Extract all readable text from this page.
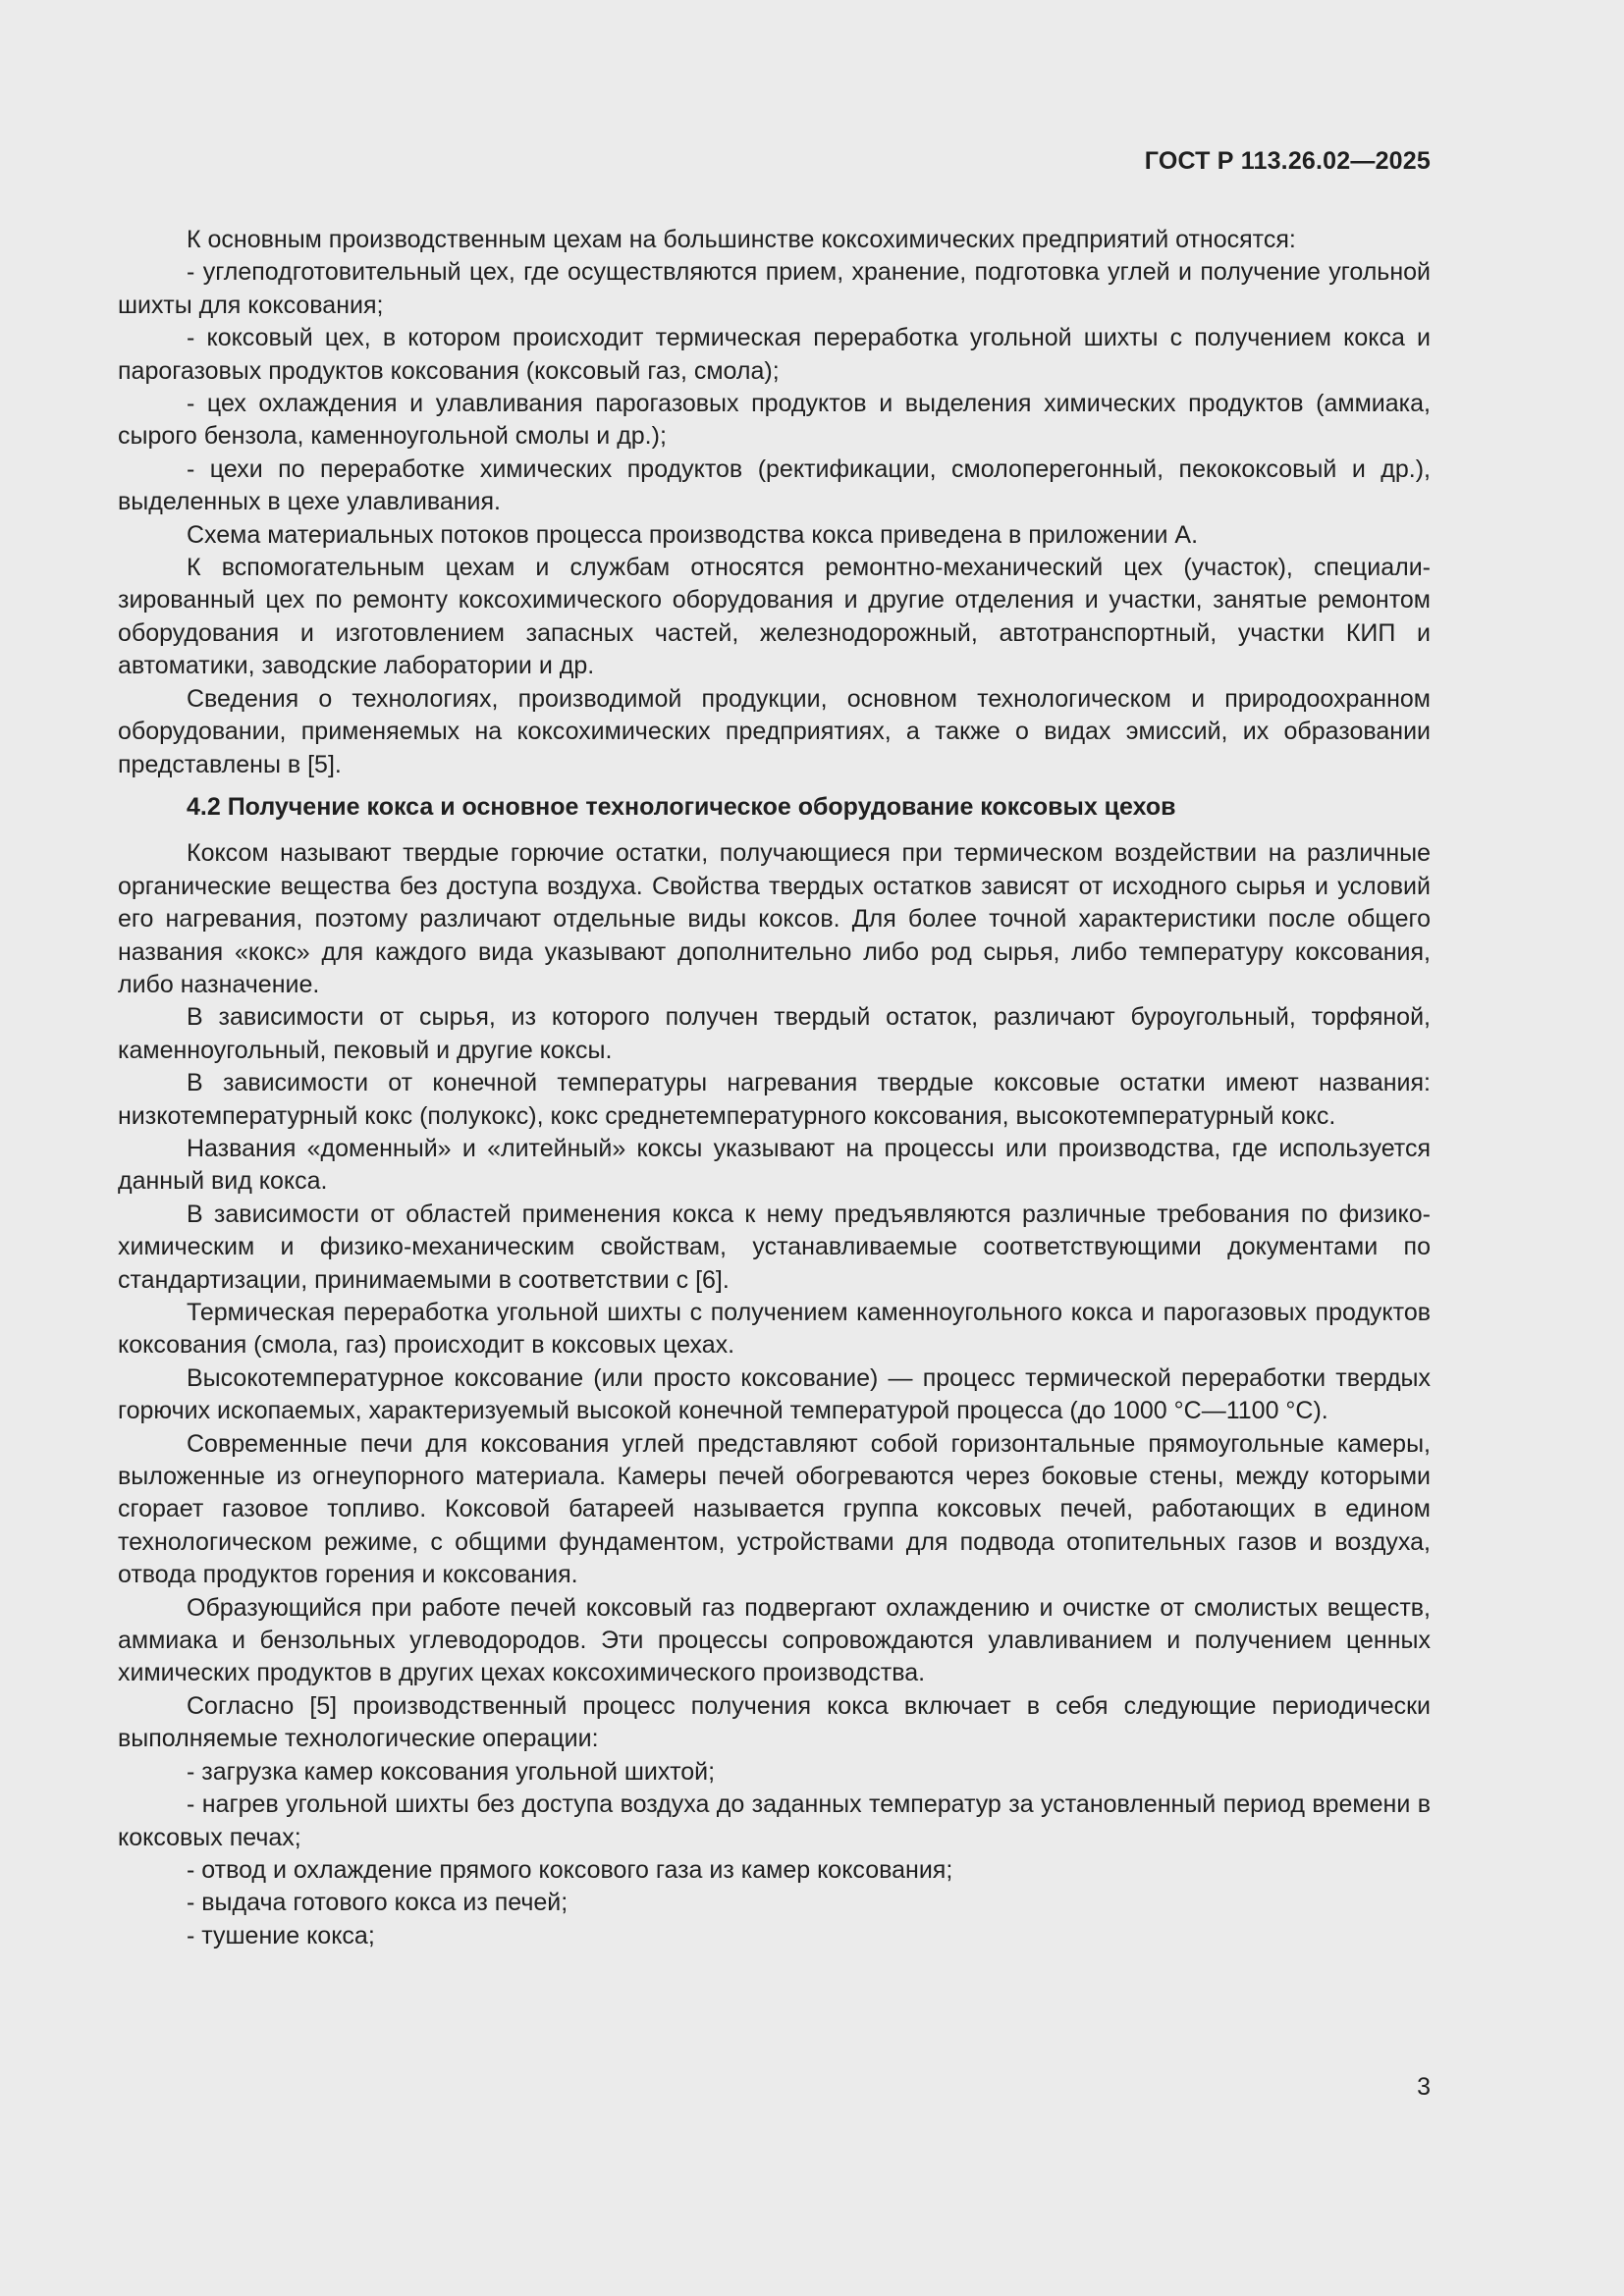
ГОСТ Р 113.26.02—2025

К основным производственным цехам на большинстве коксохимических предприятий относятся:

- углеподготовительный цех, где осуществляются прием, хранение, подготовка углей и получение угольной шихты для коксования;

- коксовый цех, в котором происходит термическая переработка угольной шихты с получением кокса и парогазовых продуктов коксования (коксовый газ, смола);

- цех охлаждения и улавливания парогазовых продуктов и выделения химических продуктов (аммиака, сырого бензола, каменноугольной смолы и др.);

- цехи по переработке химических продуктов (ректификации, смолоперегонный, пекококсовый и др.), выделенных в цехе улавливания.

Схема материальных потоков процесса производства кокса приведена в приложении А.

К вспомогательным цехам и службам относятся ремонтно-механический цех (участок), специализированный цех по ремонту коксохимического оборудования и другие отделения и участки, занятые ремонтом оборудования и изготовлением запасных частей, железнодорожный, автотранспортный, участки КИП и автоматики, заводские лаборатории и др.

Сведения о технологиях, производимой продукции, основном технологическом и природоохранном оборудовании, применяемых на коксохимических предприятиях, а также о видах эмиссий, их образовании представлены в [5].

4.2 Получение кокса и основное технологическое оборудование коксовых цехов

Коксом называют твердые горючие остатки, получающиеся при термическом воздействии на различные органические вещества без доступа воздуха. Свойства твердых остатков зависят от исходного сырья и условий его нагревания, поэтому различают отдельные виды коксов. Для более точной характеристики после общего названия «кокс» для каждого вида указывают дополнительно либо род сырья, либо температуру коксования, либо назначение.

В зависимости от сырья, из которого получен твердый остаток, различают буроугольный, торфяной, каменноугольный, пековый и другие коксы.

В зависимости от конечной температуры нагревания твердые коксовые остатки имеют названия: низкотемпературный кокс (полукокс), кокс среднетемпературного коксования, высокотемпературный кокс.

Названия «доменный» и «литейный» коксы указывают на процессы или производства, где используется данный вид кокса.

В зависимости от областей применения кокса к нему предъявляются различные требования по физико-химическим и физико-механическим свойствам, устанавливаемые соответствующими документами по стандартизации, принимаемыми в соответствии с [6].

Термическая переработка угольной шихты с получением каменноугольного кокса и парогазовых продуктов коксования (смола, газ) происходит в коксовых цехах.

Высокотемпературное коксование (или просто коксование) — процесс термической переработки твердых горючих ископаемых, характеризуемый высокой конечной температурой процесса (до 1000 °С—1100 °С).

Современные печи для коксования углей представляют собой горизонтальные прямоугольные камеры, выложенные из огнеупорного материала. Камеры печей обогреваются через боковые стены, между которыми сгорает газовое топливо. Коксовой батареей называется группа коксовых печей, работающих в едином технологическом режиме, с общими фундаментом, устройствами для подвода отопительных газов и воздуха, отвода продуктов горения и коксования.

Образующийся при работе печей коксовый газ подвергают охлаждению и очистке от смолистых веществ, аммиака и бензольных углеводородов. Эти процессы сопровождаются улавливанием и получением ценных химических продуктов в других цехах коксохимического производства.

Согласно [5] производственный процесс получения кокса включает в себя следующие периодически выполняемые технологические операции:

- загрузка камер коксования угольной шихтой;

- нагрев угольной шихты без доступа воздуха до заданных температур за установленный период времени в коксовых печах;

- отвод и охлаждение прямого коксового газа из камер коксования;

- выдача готового кокса из печей;

- тушение кокса;

3
